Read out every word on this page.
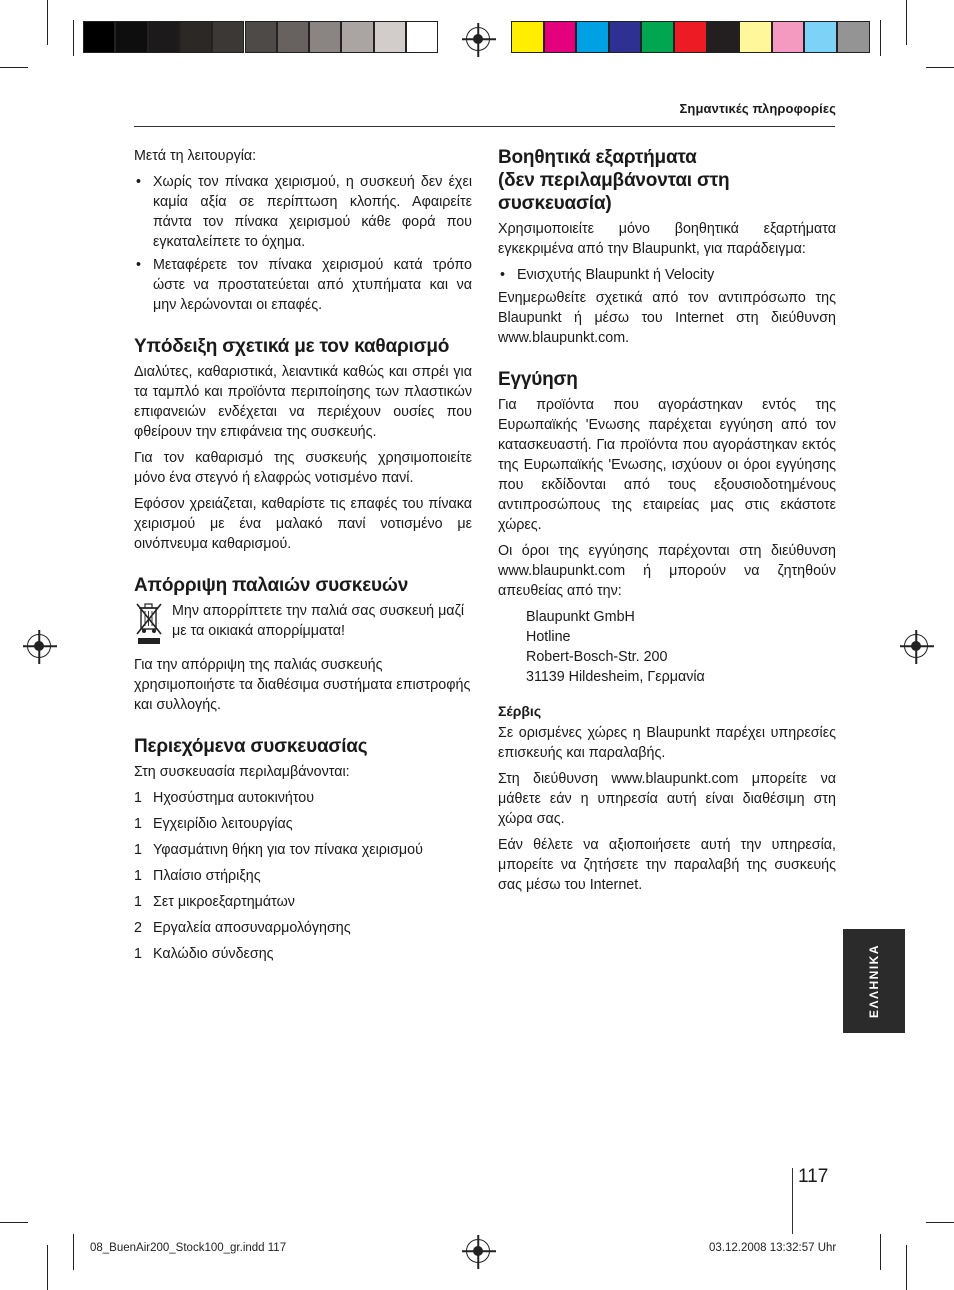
Σημαντικές πληροφορίες

Μετά τη λειτουργία:

• Χωρίς τον πίνακα χειρισμού, η συσκευή δεν έχει καμία αξία σε περίπτωση κλοπής. Αφαιρείτε πάντα τον πίνακα χειρισμού κάθε φορά που εγκαταλείπετε το όχημα.
• Μεταφέρετε τον πίνακα χειρισμού κατά τρόπο ώστε να προστατεύεται από χτυπήματα και να μην λερώνονται οι επαφές.
Υπόδειξη σχετικά με τον καθαρισμό

Διαλύτες, καθαριστικά, λειαντικά καθώς και σπρέι για τα ταμπλό και προϊόντα περιποίησης των πλαστικών επιφανειών ενδέχεται να περιέχουν ουσίες που φθείρουν την επιφάνεια της συσκευής.

Για τον καθαρισμό της συσκευής χρησιμοποιείτε μόνο ένα στεγνό ή ελαφρώς νοτισμένο πανί.

Εφόσον χρειάζεται, καθαρίστε τις επαφές του πίνακα χειρισμού με ένα μαλακό πανί νοτισμένο με οινόπνευμα καθαρισμού.

Απόρριψη παλαιών συσκευών
Μην απορρίπτετε την παλιά σας συσκευή μαζί με τα οικιακά απορρίμματα!

Για την απόρριψη της παλιάς συσκευής χρησιμοποιήστε τα διαθέσιμα συστήματα επιστροφής και συλλογής.

Περιεχόμενα συσκευασίας

Στη συσκευασία περιλαμβάνονται:

1 Ηχοσύστημα αυτοκινήτου
1 Εγχειρίδιο λειτουργίας
1 Υφασμάτινη θήκη για τον πίνακα χειρισμού
1 Πλαίσιο στήριξης
1 Σετ μικροεξαρτημάτων
2 Εργαλεία αποσυναρμολόγησης
1 Καλώδιο σύνδεσης
Βοηθητικά εξαρτήματα
(δεν περιλαμβάνονται στη
συσκευασία)

Χρησιμοποιείτε μόνο βοηθητικά εξαρτήματα εγκεκριμένα από την Blaupunkt, για παράδειγμα:

• Ενισχυτής Blaupunkt ή Velocity

Ενημερωθείτε σχετικά από τον αντιπρόσωπο της Blaupunkt ή μέσω του Internet στη διεύθυνση www.blaupunkt.com.

Εγγύηση

Για προϊόντα που αγοράστηκαν εντός της Ευρωπαϊκής 'Ενωσης παρέχεται εγγύηση από τον κατασκευαστή. Για προϊόντα που αγοράστηκαν εκτός της Ευρωπαϊκής 'Ενωσης, ισχύουν οι όροι εγγύησης που εκδίδονται από τους εξουσιοδοτημένους αντιπροσώπους της εταιρείας μας στις εκάστοτε χώρες.

Οι όροι της εγγύησης παρέχονται στη διεύθυνση www.blaupunkt.com ή μπορούν να ζητηθούν απευθείας από την:

Blaupunkt GmbH
Hotline
Robert-Bosch-Str. 200
31139 Hildesheim, Γερμανία
Σέρβις

Σε ορισμένες χώρες η Blaupunkt παρέχει υπηρεσίες επισκευής και παραλαβής.

Στη διεύθυνση www.blaupunkt.com μπορείτε να μάθετε εάν η υπηρεσία αυτή είναι διαθέσιμη στη χώρα σας.

Εάν θέλετε να αξιοποιήσετε αυτή την υπηρεσία, μπορείτε να ζητήσετε την παραλαβή της συσκευής σας μέσω του Internet.

ΕΛΛΗΝΙΚΑ
117
08_BuenAir200_Stock100_gr.indd 117	03.12.2008 13:32:57 Uhr
